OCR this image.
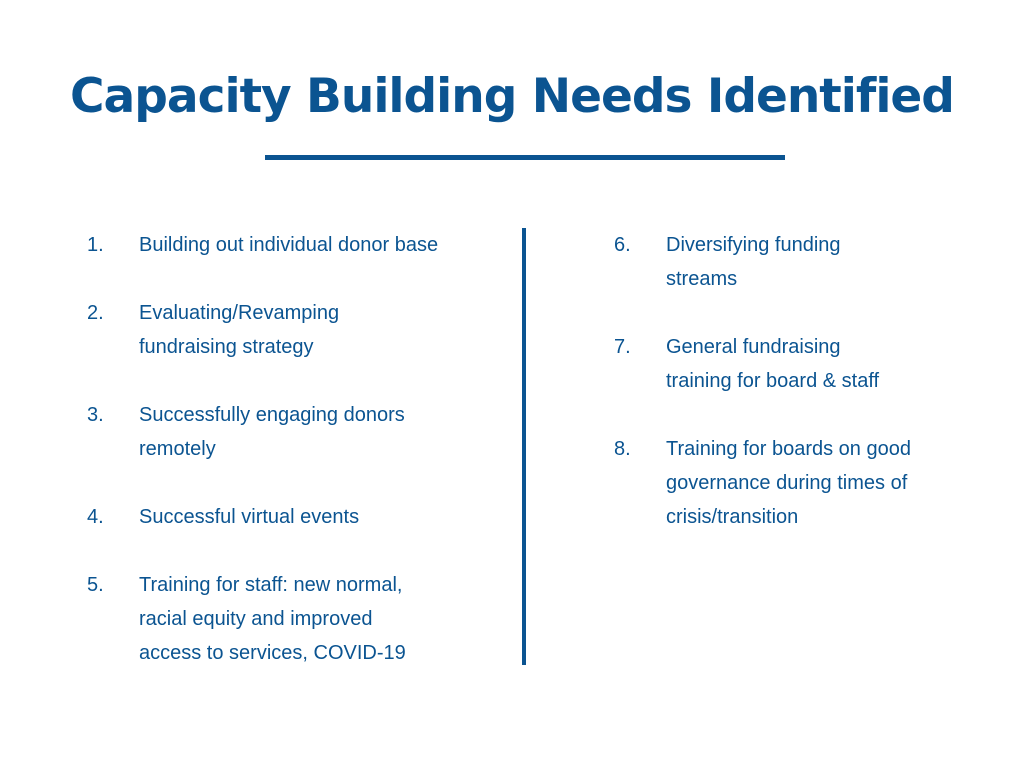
Capacity Building Needs Identified
1. Building out individual donor base
2. Evaluating/Revamping fundraising strategy
3. Successfully engaging donors remotely
4. Successful virtual events
5. Training for staff: new normal, racial equity and improved access to services, COVID-19
6. Diversifying funding streams
7. General fundraising training for board & staff
8. Training for boards on good governance during times of crisis/transition
